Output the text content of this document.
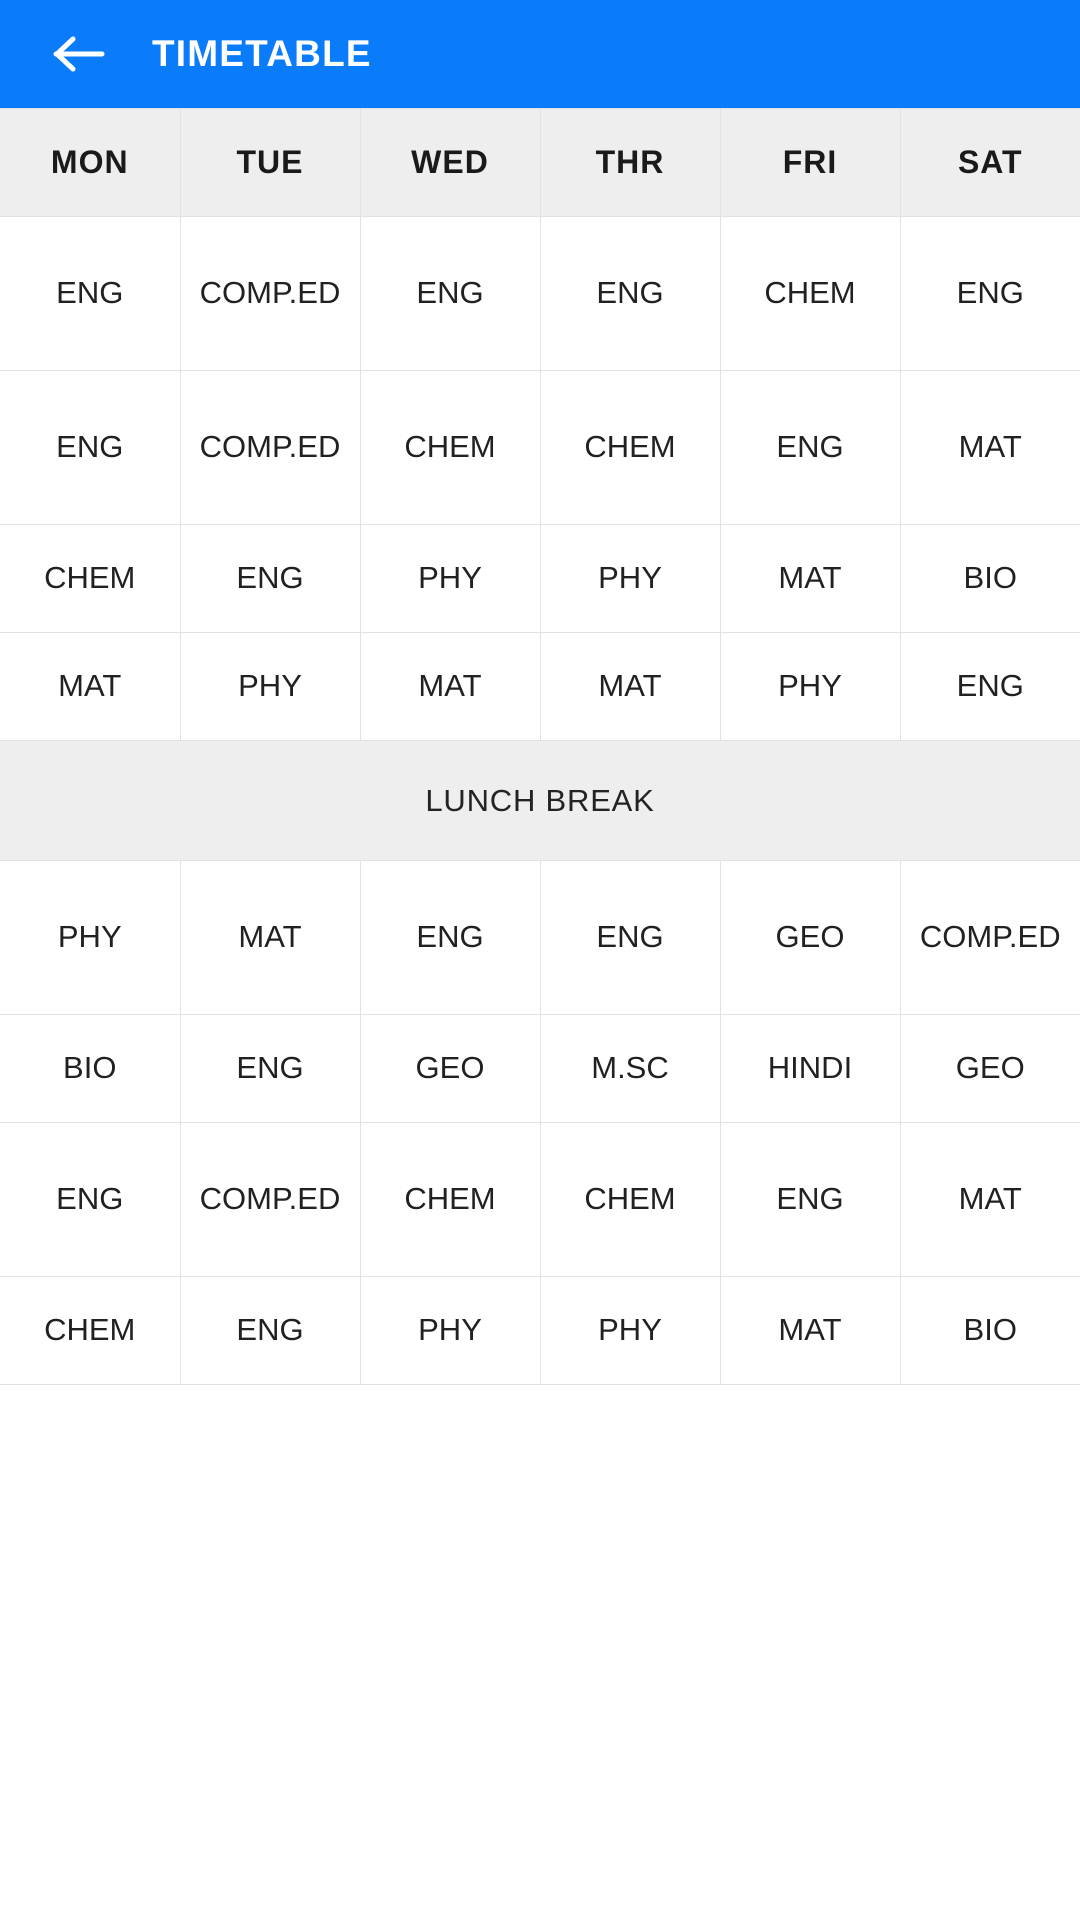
TIMETABLE
MON	TUE	WED	THR	FRI	SAT
ENG	COMP.ED	ENG	ENG	CHEM	ENG
ENG	COMP.ED	CHEM	CHEM	ENG	MAT
CHEM	ENG	PHY	PHY	MAT	BIO
MAT	PHY	MAT	MAT	PHY	ENG
LUNCH BREAK					
PHY	MAT	ENG	ENG	GEO	COMP.ED
BIO	ENG	GEO	M.SC	HINDI	GEO
ENG	COMP.ED	CHEM	CHEM	ENG	MAT
CHEM	ENG	PHY	PHY	MAT	BIO
